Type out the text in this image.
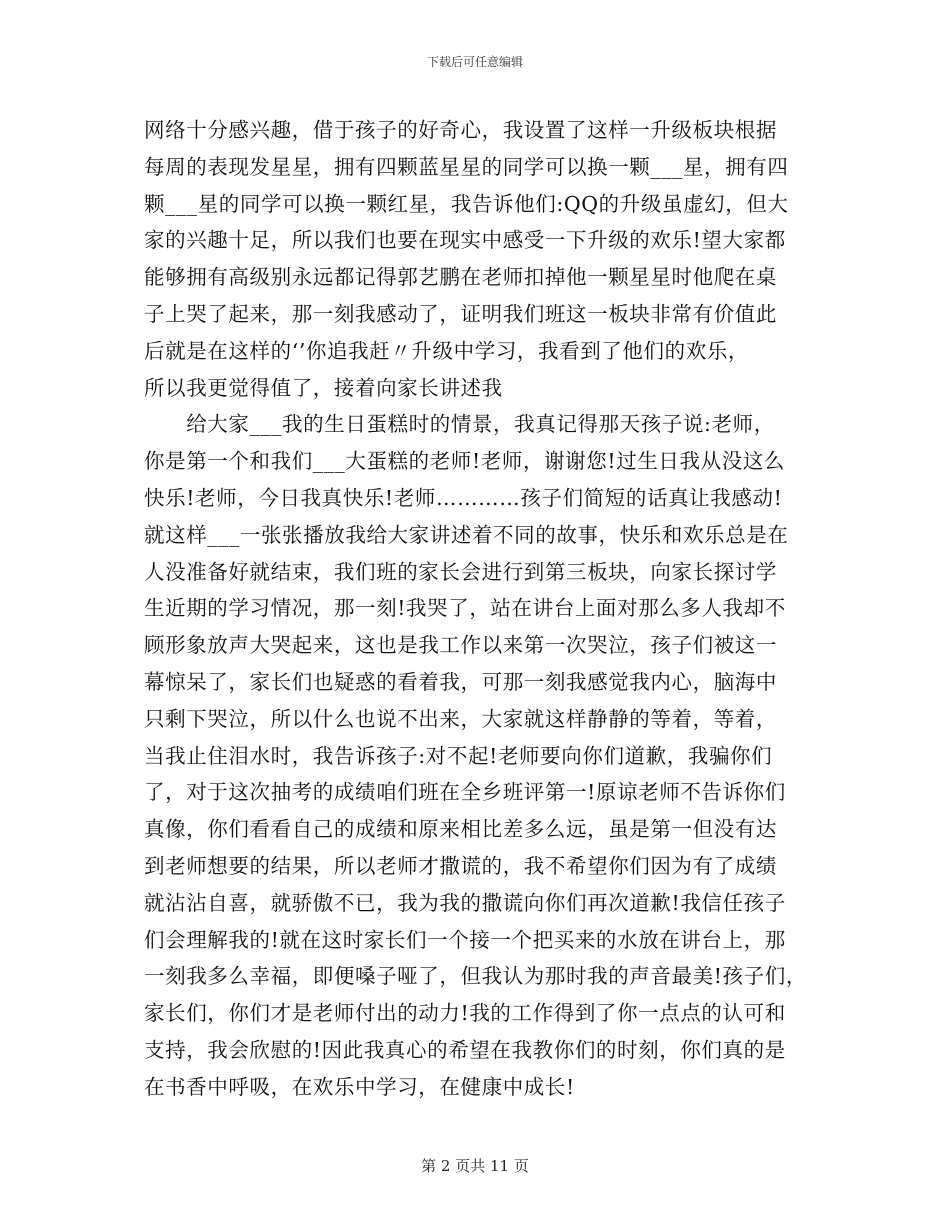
下载后可任意编辑
网络十分感兴趣，借于孩子的好奇心，我设置了这样一升级板块根据
每周的表现发星星，拥有四颗蓝星星的同学可以换一颗___星，拥有四
颗___星的同学可以换一颗红星，我告诉他们:QQ的升级虽虚幻，但大
家的兴趣十足，所以我们也要在现实中感受一下升级的欢乐!望大家都
能够拥有高级别永远都记得郭艺鹏在老师扣掉他一颗星星时他爬在桌
子上哭了起来，那一刻我感动了，证明我们班这一板块非常有价值此
后就是在这样的‘’你追我赶〃升级中学习，我看到了他们的欢乐，
所以我更觉得值了，接着向家长讲述我
　　给大家___我的生日蛋糕时的情景，我真记得那天孩子说:老师，
你是第一个和我们___大蛋糕的老师!老师，谢谢您!过生日我从没这么
快乐!老师，今日我真快乐!老师…………孩子们简短的话真让我感动!
就这样___一张张播放我给大家讲述着不同的故事，快乐和欢乐总是在
人没准备好就结束，我们班的家长会进行到第三板块，向家长探讨学
生近期的学习情况，那一刻!我哭了，站在讲台上面对那么多人我却不
顾形象放声大哭起来，这也是我工作以来第一次哭泣，孩子们被这一
幕惊呆了，家长们也疑惑的看着我，可那一刻我感觉我内心，脑海中
只剩下哭泣，所以什么也说不出来，大家就这样静静的等着，等着，
当我止住泪水时，我告诉孩子:对不起!老师要向你们道歉，我骗你们
了，对于这次抽考的成绩咱们班在全乡班评第一!原谅老师不告诉你们
真像，你们看看自己的成绩和原来相比差多么远，虽是第一但没有达
到老师想要的结果，所以老师才撒谎的，我不希望你们因为有了成绩
就沾沾自喜，就骄傲不已，我为我的撒谎向你们再次道歉!我信任孩子
们会理解我的!就在这时家长们一个接一个把买来的水放在讲台上，那
一刻我多么幸福，即便嗓子哑了，但我认为那时我的声音最美!孩子们，
家长们，你们才是老师付出的动力!我的工作得到了你一点点的认可和
支持，我会欣慰的!因此我真心的希望在我教你们的时刻，你们真的是
在书香中呼吸，在欢乐中学习，在健康中成长!
第 2 页共 11 页
